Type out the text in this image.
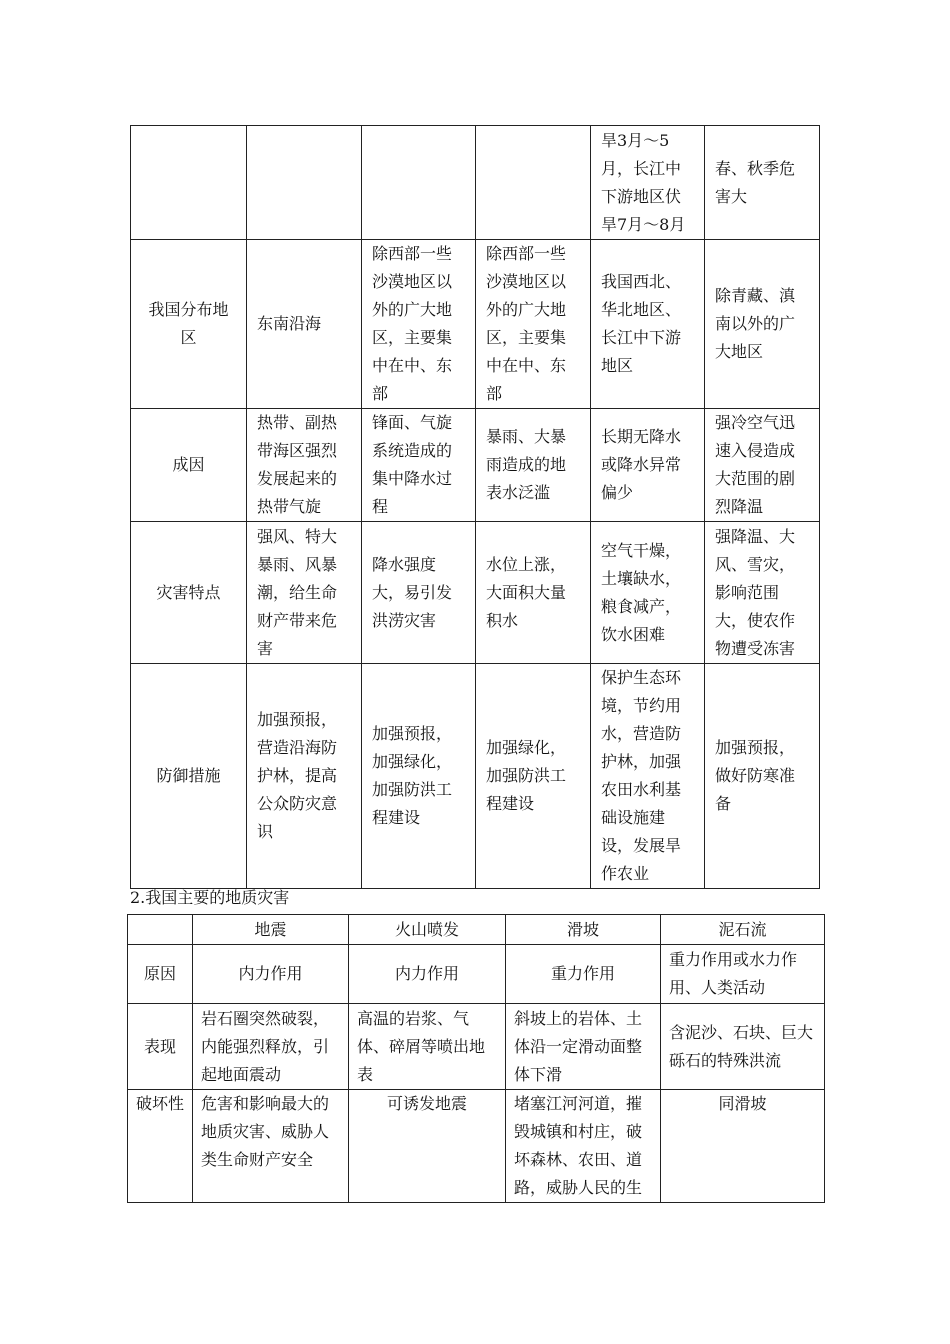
				旱3月～5月，长江中下游地区伏旱7月～8月	春、秋季危害大
我国分布地区	东南沿海	除西部一些沙漠地区以外的广大地区，主要集中在中、东部	除西部一些沙漠地区以外的广大地区，主要集中在中、东部	我国西北、华北地区、长江中下游地区	除青藏、滇南以外的广大地区
成因	热带、副热带海区强烈发展起来的热带气旋	锋面、气旋系统造成的集中降水过程	暴雨、大暴雨造成的地表水泛滥	长期无降水或降水异常偏少	强冷空气迅速入侵造成大范围的剧烈降温
灾害特点	强风、特大暴雨、风暴潮，给生命财产带来危害	降水强度大，易引发洪涝灾害	水位上涨，大面积大量积水	空气干燥，土壤缺水，粮食减产，饮水困难	强降温、大风、雪灾，影响范围大，使农作物遭受冻害
防御措施	加强预报，营造沿海防护林，提高公众防灾意识	加强预报，加强绿化，加强防洪工程建设	加强绿化，加强防洪工程建设	保护生态环境，节约用水，营造防护林，加强农田水利基础设施建设，发展旱作农业	加强预报，做好防寒准备
2.我国主要的地质灾害
	地震	火山喷发	滑坡	泥石流
原因	内力作用	内力作用	重力作用	重力作用或水力作用、人类活动
表现	岩石圈突然破裂，内能强烈释放，引起地面震动	高温的岩浆、气体、碎屑等喷出地表	斜坡上的岩体、土体沿一定滑动面整体下滑	含泥沙、石块、巨大砾石的特殊洪流
破坏性	危害和影响最大的地质灾害、威胁人类生命财产安全	可诱发地震	堵塞江河河道，摧毁城镇和村庄，破坏森林、农田、道路，威胁人民的生	同滑坡
